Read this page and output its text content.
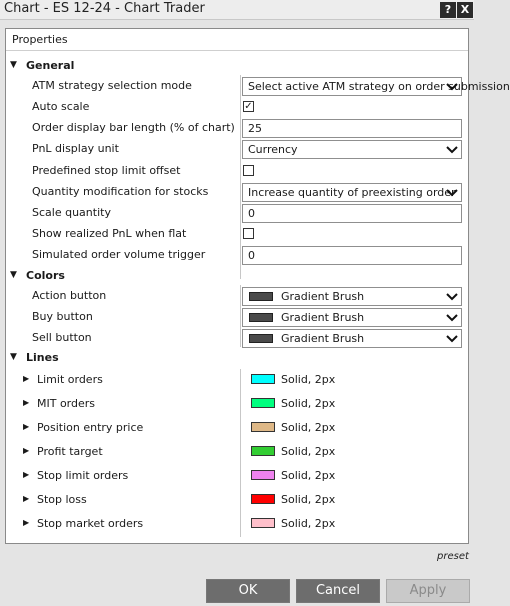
Chart - ES 12-24 - Chart Trader	? X
Properties
▼ General
ATM strategy selection mode	Select active ATM strategy on order submission
Auto scale	✓
Order display bar length (% of chart) 25
PnL display unit	Currency
Predefined stop limit offset
Quantity modification for stocks	Increase quantity of preexisting order
Scale quantity	0
Show realized PnL when flat
Simulated order volume trigger	0
▼ Colors
Action button	Gradient Brush
Buy button	Gradient Brush
Sell button	Gradient Brush
▼ Lines
▶ Limit orders	Solid, 2px
▶ MIT orders	Solid, 2px
▶ Position entry price	Solid, 2px
▶ Profit target	Solid, 2px
▶ Stop limit orders	Solid, 2px
▶ Stop loss	Solid, 2px
▶ Stop market orders	Solid, 2px
preset
OK	Cancel	Apply
